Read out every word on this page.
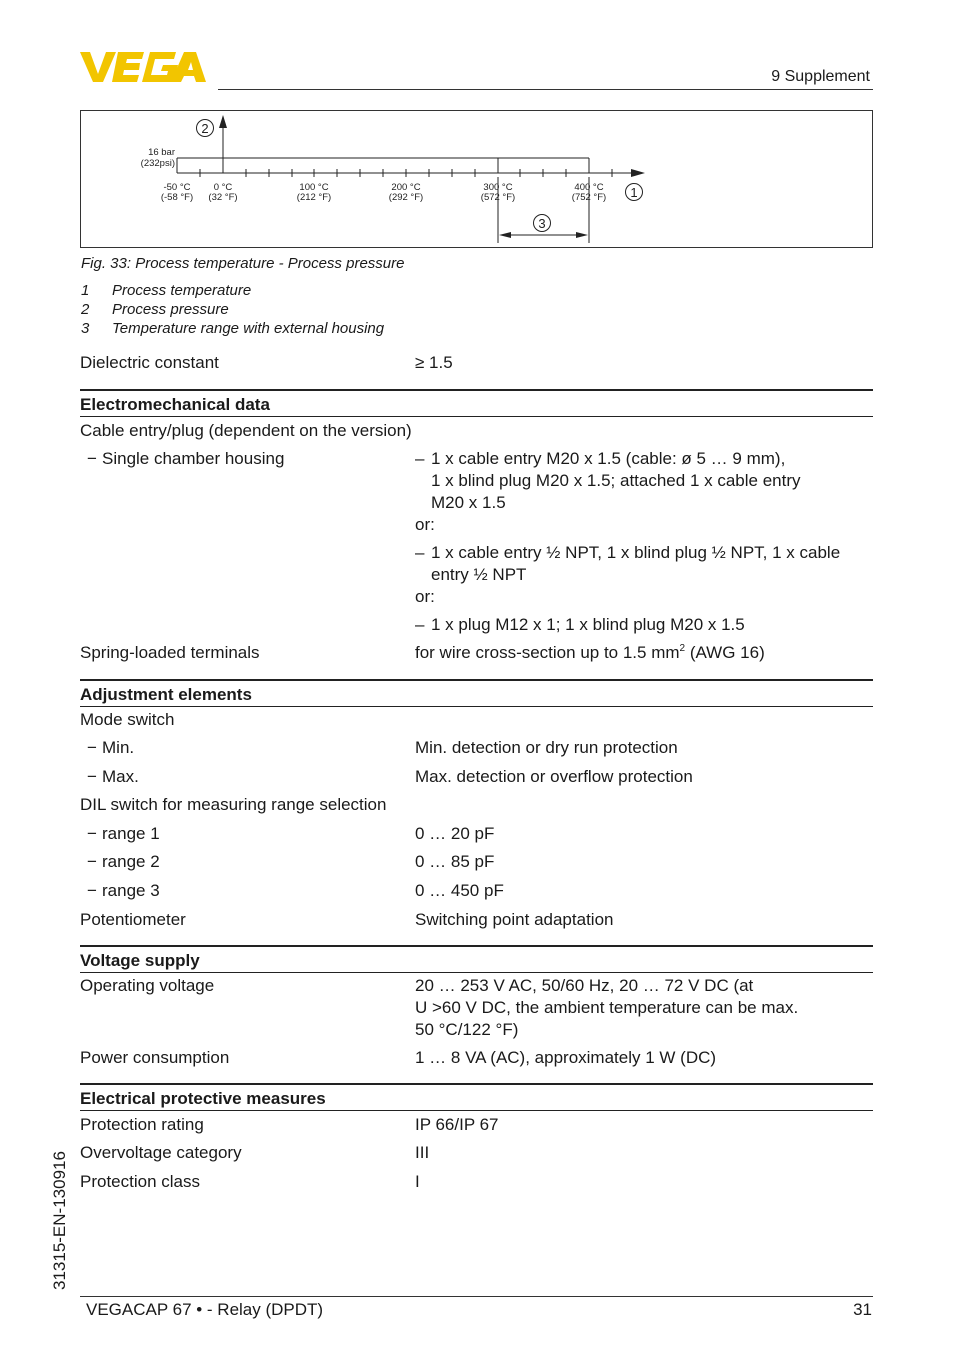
9 Supplement
16 bar
(232psi)
-50 °C
(-58 °F)
0 °C
(32 °F)
100 °C
(212 °F)
200 °C
(292 °F)
300 °C
(572 °F)
400 °C
(752 °F)
2
1
3
Fig. 33: Process temperature - Process pressure
1 Process temperature
2 Process pressure
3 Temperature range with external housing
Dielectric constant	≥ 1.5
Electromechanical data
Cable entry/plug (dependent on the version)
− Single chamber housing	– 1 x cable entry M20 x 1.5 (cable: ø 5 … 9 mm),
1 x blind plug M20 x 1.5; attached 1 x cable entry
M20 x 1.5
or:
– 1 x cable entry ½ NPT, 1 x blind plug ½ NPT, 1 x cable
entry ½ NPT
or:
– 1 x plug M12 x 1; 1 x blind plug M20 x 1.5
Spring-loaded terminals	for wire cross-section up to 1.5 $mm^2$ (AWG 16)
Adjustment elements
Mode switch
− Min.	Min. detection or dry run protection
− Max.	Max. detection or overflow protection
DIL switch for measuring range selection
− range 1	0 … 20 pF
− range 2	0 … 85 pF
− range 3	0 … 450 pF
Potentiometer	Switching point adaptation
Voltage supply
Operating voltage	20 … 253 V AC, 50/60 Hz, 20 … 72 V DC (at
U >60 V DC, the ambient temperature can be max.
50 °C/122 °F)
Power consumption	1 … 8 VA (AC), approximately 1 W (DC)
Electrical protective measures
Protection rating	IP 66/IP 67
Overvoltage category	III
Protection class	I
31315-EN-130916
VEGACAP 67 • - Relay (DPDT)	31
